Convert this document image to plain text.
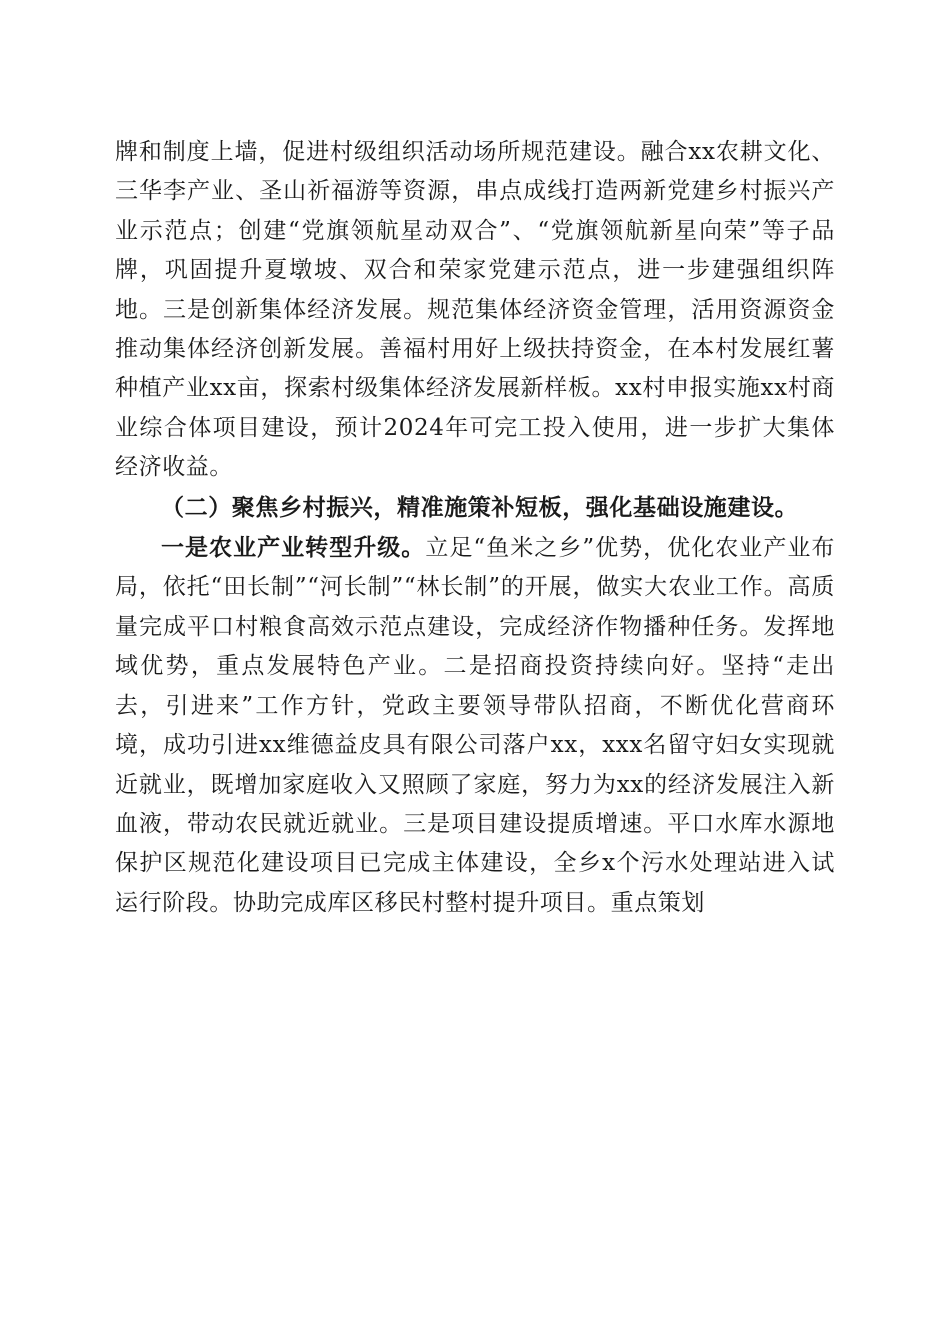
牌和制度上墙，促进村级组织活动场所规范建设。融合xx农耕文化、三华李产业、圣山祈福游等资源，串点成线打造两新党建乡村振兴产业示范点；创建“党旗领航星动双合”、“党旗领航新星向荣”等子品牌，巩固提升夏墩坡、双合和荣家党建示范点，进一步建强组织阵地。三是创新集体经济发展。规范集体经济资金管理，活用资源资金推动集体经济创新发展。善福村用好上级扶持资金，在本村发展红薯种植产业xx亩，探索村级集体经济发展新样板。xx村申报实施xx村商业综合体项目建设，预计2024年可完工投入使用，进一步扩大集体经济收益。

（二）聚焦乡村振兴，精准施策补短板，强化基础设施建设。

一是农业产业转型升级。立足“鱼米之乡”优势，优化农业产业布局，依托“田长制”“河长制”“林长制”的开展，做实大农业工作。高质量完成平口村粮食高效示范点建设，完成经济作物播种任务。发挥地域优势，重点发展特色产业。二是招商投资持续向好。坚持“走出去，引进来”工作方针，党政主要领导带队招商，不断优化营商环境，成功引进xx维德益皮具有限公司落户xx，xxx名留守妇女实现就近就业，既增加家庭收入又照顾了家庭，努力为xx的经济发展注入新血液，带动农民就近就业。三是项目建设提质增速。平口水库水源地保护区规范化建设项目已完成主体建设，全乡x个污水处理站进入试运行阶段。协助完成库区移民村整村提升项目。重点策划
